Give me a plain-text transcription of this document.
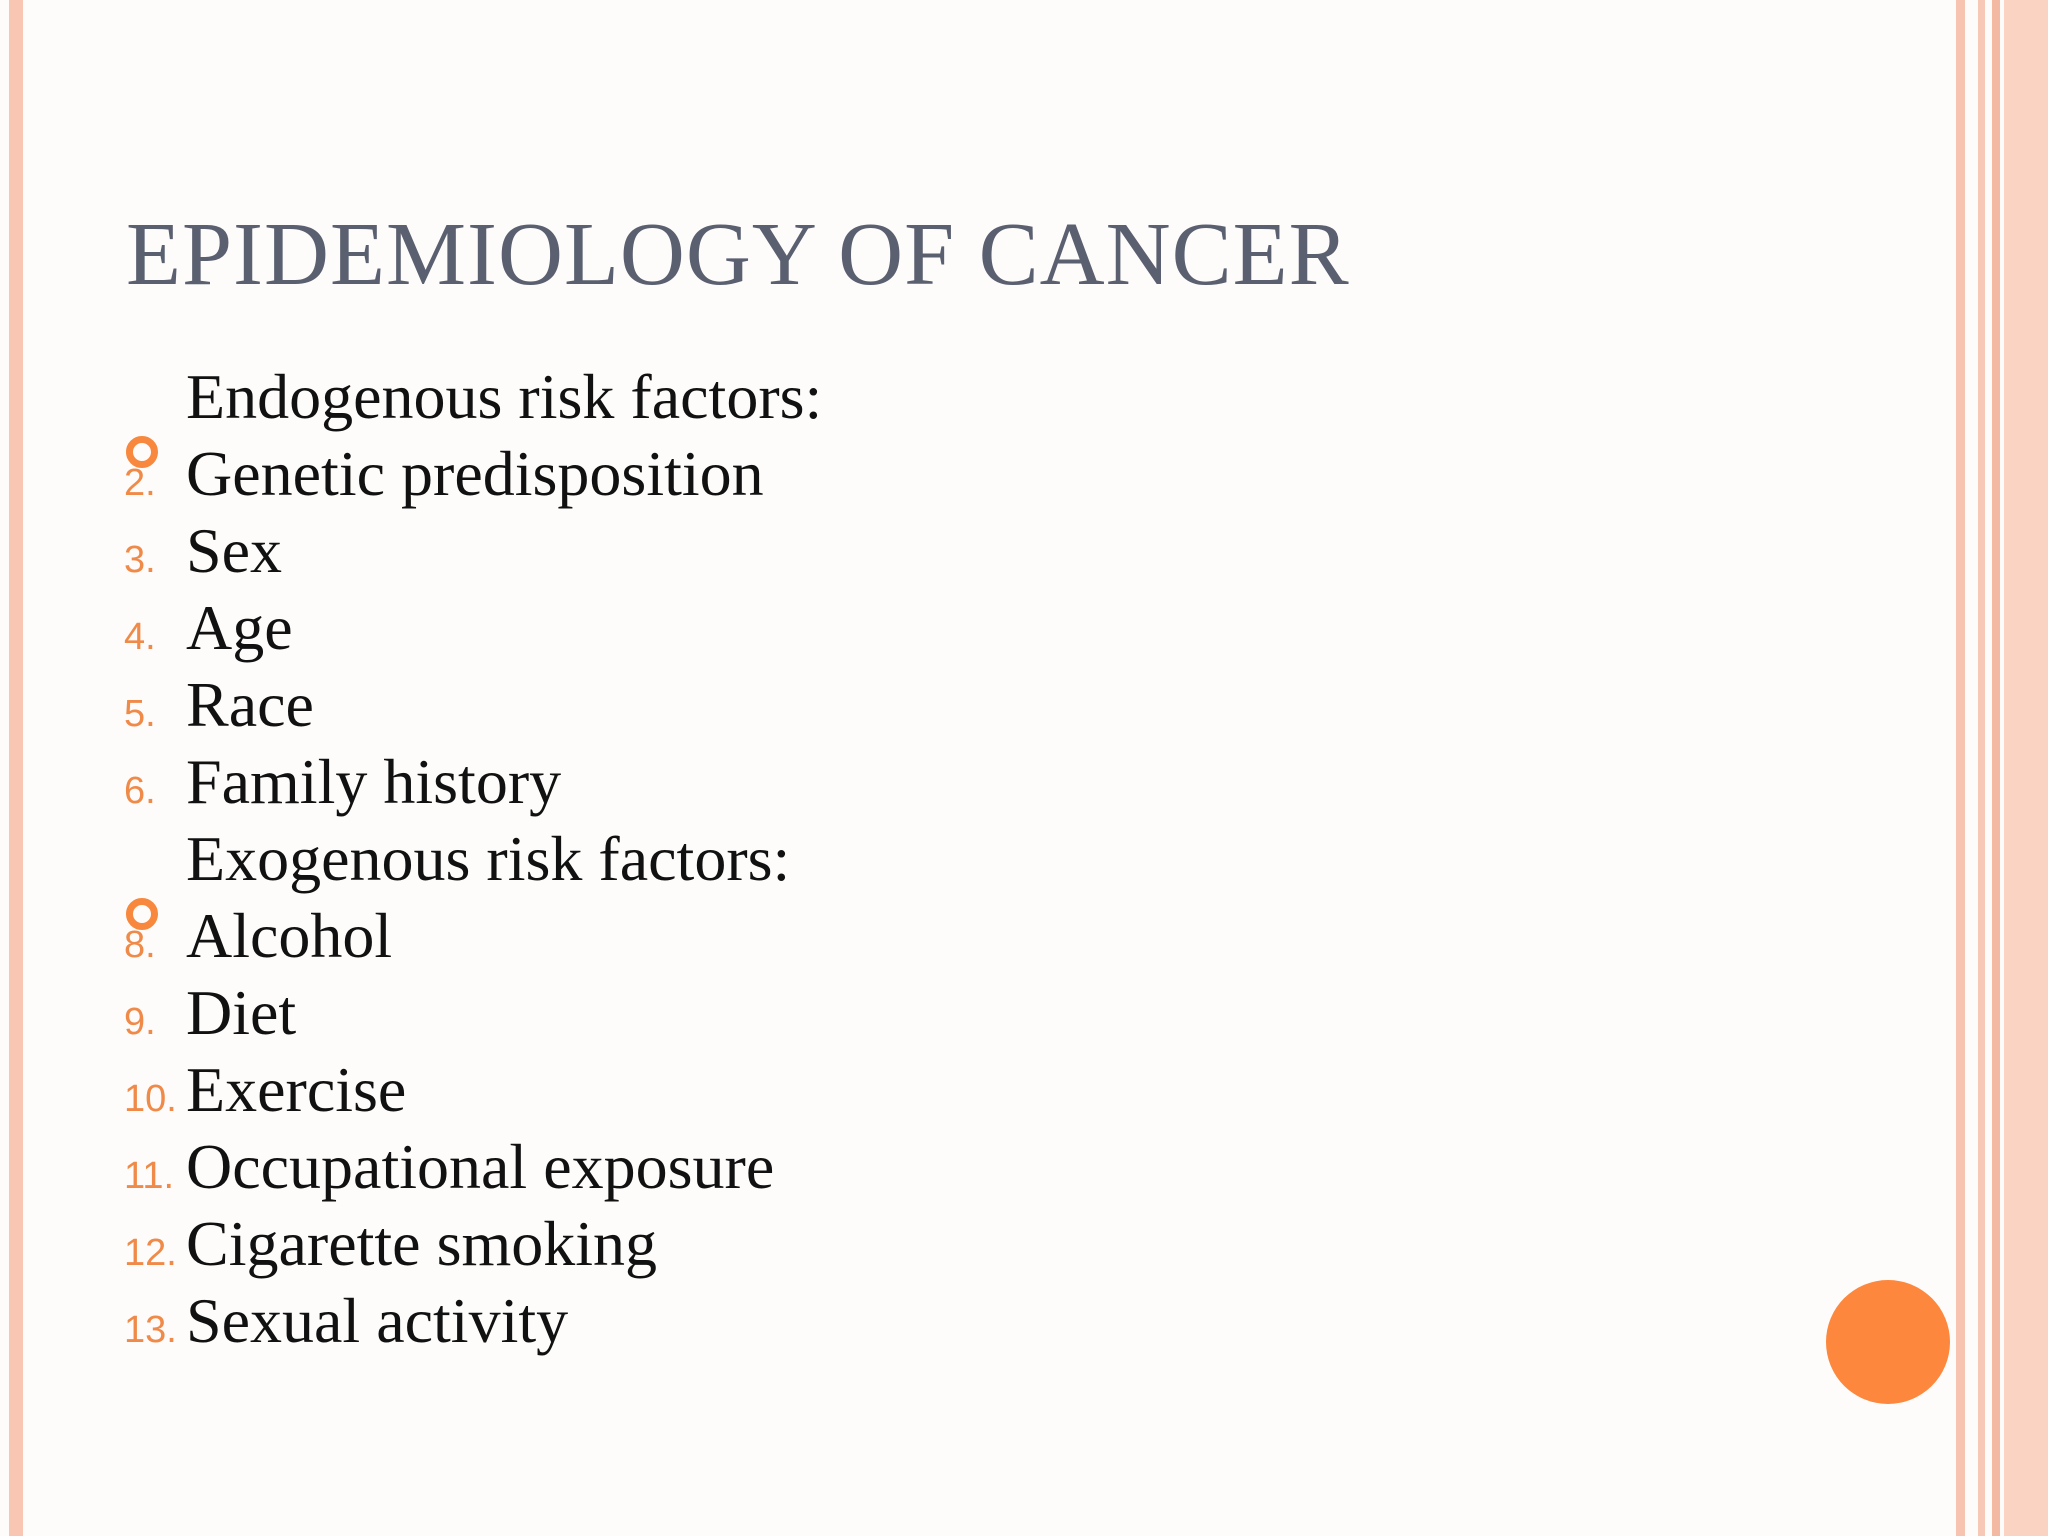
EPIDEMIOLOGY OF CANCER
Endogenous risk factors:
2. Genetic predisposition
3. Sex
4. Age
5. Race
6. Family history
Exogenous risk factors:
8. Alcohol
9. Diet
10. Exercise
11. Occupational exposure
12. Cigarette smoking
13. Sexual activity
